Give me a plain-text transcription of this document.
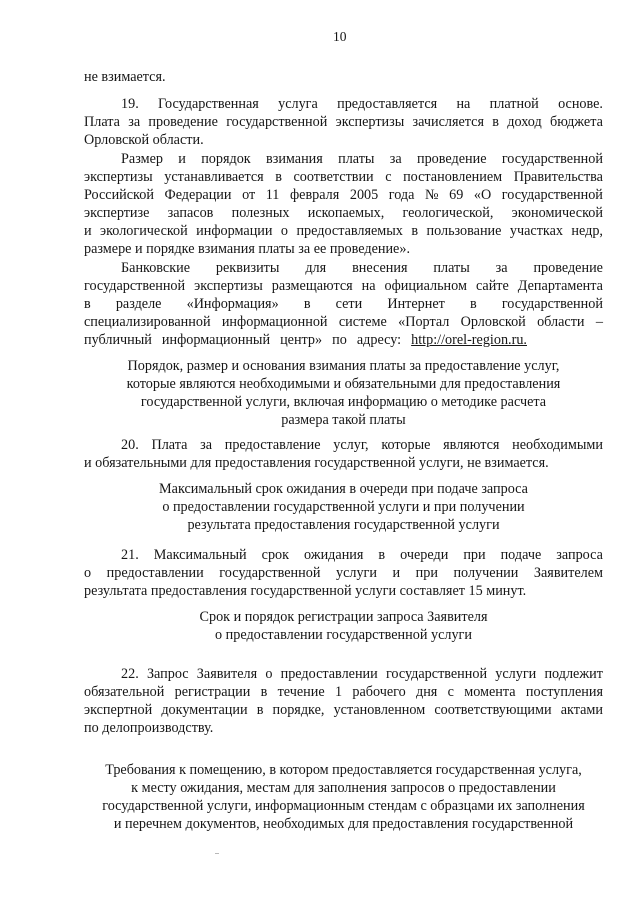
10
не взимается.
19. Государственная услуга предоставляется на платной основе.
Плата за проведение государственной экспертизы зачисляется в доход бюджета
Орловской области.
Размер и порядок взимания платы за проведение государственной
экспертизы устанавливается в соответствии с постановлением Правительства
Российской Федерации от 11 февраля 2005 года № 69 «О государственной
экспертизе запасов полезных ископаемых, геологической, экономической
и экологической информации о предоставляемых в пользование участках недр,
размере и порядке взимания платы за ее проведение».
Банковские реквизиты для внесения платы за проведение
государственной экспертизы размещаются на официальном сайте Департамента
в разделе «Информация» в сети Интернет в государственной
специализированной информационной системе «Портал Орловской области –
публичный информационный центр» по адресу: http://orel-region.ru.
Порядок, размер и основания взимания платы за предоставление услуг,
которые являются необходимыми и обязательными для предоставления
государственной услуги, включая информацию о методике расчета
размера такой платы
20. Плата за предоставление услуг, которые являются необходимыми
и обязательными для предоставления государственной услуги, не взимается.
Максимальный срок ожидания в очереди при подаче запроса
о предоставлении государственной услуги и при получении
результата предоставления государственной услуги
21. Максимальный срок ожидания в очереди при подаче запроса
о предоставлении государственной услуги и при получении Заявителем
результата предоставления государственной услуги составляет 15 минут.
Срок и порядок регистрации запроса Заявителя
о предоставлении государственной услуги
22. Запрос Заявителя о предоставлении государственной услуги подлежит
обязательной регистрации в течение 1 рабочего дня с момента поступления
экспертной документации в порядке, установленном соответствующими актами
по делопроизводству.
Требования к помещению, в котором предоставляется государственная услуга,
к месту ожидания, местам для заполнения запросов о предоставлении
государственной услуги, информационным стендам с образцами их заполнения
и перечнем документов, необходимых для предоставления государственной
